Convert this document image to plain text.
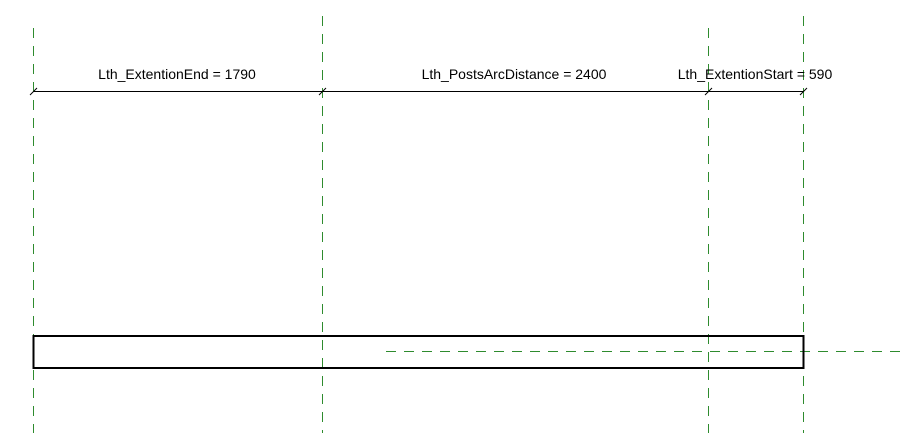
Lth_ExtentionEnd = 1790	Lth_PostsArcDistance = 2400	Lth_ExtentionStart = 590
